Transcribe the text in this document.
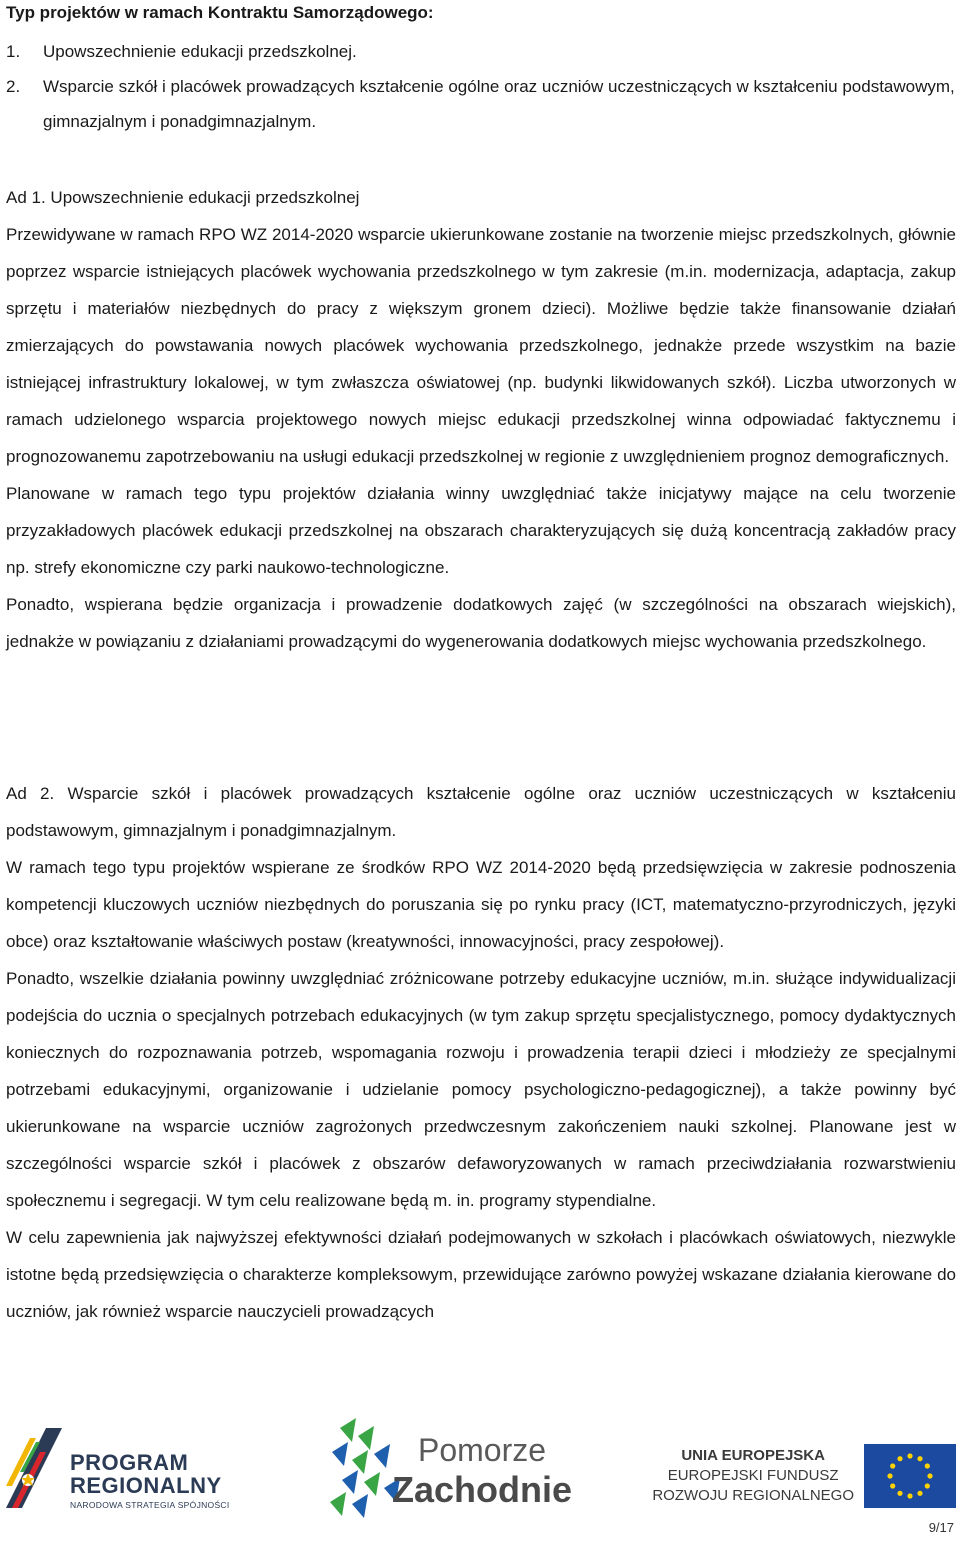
Typ projektów w ramach Kontraktu Samorządowego:
1.	Upowszechnienie edukacji przedszkolnej.
2.	Wsparcie szkół i placówek prowadzących kształcenie ogólne oraz uczniów uczestniczących w kształceniu podstawowym, gimnazjalnym i ponadgimnazjalnym.
Ad 1. Upowszechnienie edukacji przedszkolnej
Przewidywane w ramach RPO WZ 2014-2020 wsparcie ukierunkowane zostanie na tworzenie miejsc przedszkolnych, głównie poprzez wsparcie istniejących placówek wychowania przedszkolnego w tym zakresie (m.in. modernizacja, adaptacja, zakup sprzętu i materiałów niezbędnych do pracy z większym gronem dzieci). Możliwe będzie także finansowanie działań zmierzających do powstawania nowych placówek wychowania przedszkolnego, jednakże przede wszystkim na bazie istniejącej infrastruktury lokalowej, w tym zwłaszcza oświatowej (np. budynki likwidowanych szkół). Liczba utworzonych w ramach udzielonego wsparcia projektowego nowych miejsc edukacji przedszkolnej winna odpowiadać faktycznemu i prognozowanemu zapotrzebowaniu na usługi edukacji przedszkolnej w regionie z uwzględnieniem prognoz demograficznych.
Planowane w ramach tego typu projektów działania winny uwzględniać także inicjatywy mające na celu tworzenie przyzakładowych placówek edukacji przedszkolnej na obszarach charakteryzujących się dużą koncentracją zakładów pracy np. strefy ekonomiczne czy parki naukowo-technologiczne.
Ponadto, wspierana będzie organizacja i prowadzenie dodatkowych zajęć (w szczególności na obszarach wiejskich), jednakże w powiązaniu z działaniami prowadzącymi do wygenerowania dodatkowych miejsc wychowania przedszkolnego.
Ad 2. Wsparcie szkół i placówek prowadzących kształcenie ogólne oraz uczniów uczestniczących w kształceniu podstawowym, gimnazjalnym i ponadgimnazjalnym.
W ramach tego typu projektów wspierane ze środków RPO WZ 2014-2020 będą przedsięwzięcia w zakresie podnoszenia kompetencji kluczowych uczniów niezbędnych do poruszania się po rynku pracy (ICT, matematyczno-przyrodniczych, języki obce) oraz kształtowanie właściwych postaw (kreatywności, innowacyjności, pracy zespołowej).
Ponadto, wszelkie działania powinny uwzględniać zróżnicowane potrzeby edukacyjne uczniów, m.in. służące indywidualizacji podejścia do ucznia o specjalnych potrzebach edukacyjnych (w tym zakup sprzętu specjalistycznego, pomocy dydaktycznych koniecznych do rozpoznawania potrzeb, wspomagania rozwoju i prowadzenia terapii dzieci i młodzieży ze specjalnymi potrzebami edukacyjnymi, organizowanie i udzielanie pomocy psychologiczno-pedagogicznej), a także powinny być ukierunkowane na wsparcie uczniów zagrożonych przedwczesnym zakończeniem nauki szkolnej. Planowane jest w szczególności wsparcie szkół i placówek z obszarów defaworyzowanych w ramach przeciwdziałania rozwarstwieniu społecznemu i segregacji. W tym celu realizowane będą m. in. programy stypendialne.
W celu zapewnienia jak najwyższej efektywności działań podejmowanych w szkołach i placówkach oświatowych, niezwykle istotne będą przedsięwzięcia o charakterze kompleksowym, przewidujące zarówno powyżej wskazane działania kierowane do uczniów, jak również wsparcie nauczycieli prowadzących
PROGRAM
REGIONALNY
NARODOWA STRATEGIA SPÓJNOŚCI
Pomorze
Zachodnie
UNIA EUROPEJSKA
EUROPEJSKI FUNDUSZ
ROZWOJU REGIONALNEGO
9/17
